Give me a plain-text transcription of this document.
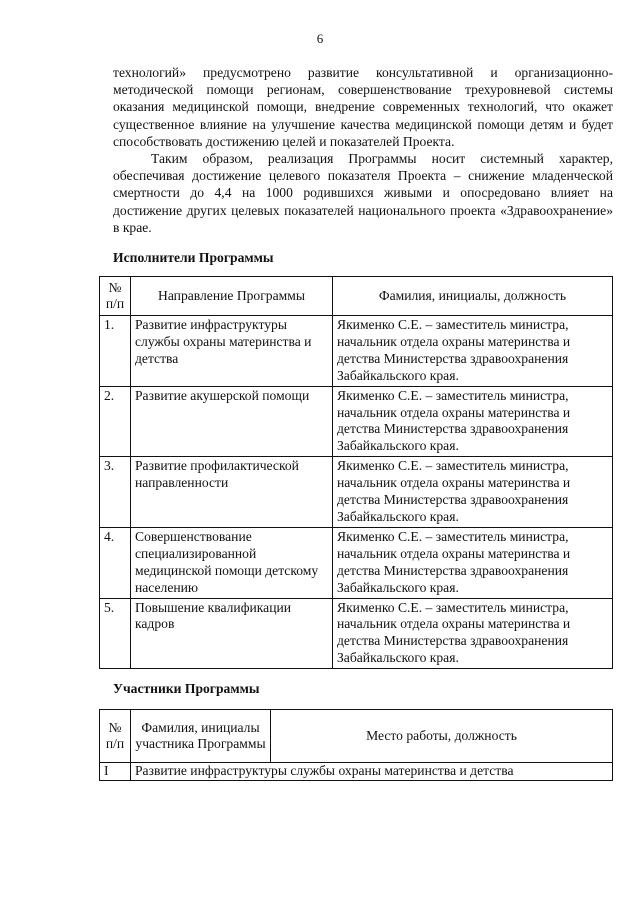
6

технологий» предусмотрено развитие консультативной и организационно-методической помощи регионам, совершенствование трехуровневой системы оказания медицинской помощи, внедрение современных технологий, что окажет существенное влияние на улучшение качества медицинской помощи детям и будет способствовать достижению целей и показателей Проекта.

Таким образом, реализация Программы носит системный характер, обеспечивая достижение целевого показателя Проекта – снижение младенческой смертности до 4,4 на 1000 родившихся живыми и опосредовано влияет на достижение других целевых показателей национального проекта «Здравоохранение» в крае.

Исполнители Программы

№ п/п	Направление Программы	Фамилия, инициалы, должность
1.	Развитие инфраструктуры службы охраны материнства и детства	Якименко С.Е. – заместитель министра, начальник отдела охраны материнства и детства Министерства здравоохранения Забайкальского края.
2.	Развитие акушерской помощи	Якименко С.Е. – заместитель министра, начальник отдела охраны материнства и детства Министерства здравоохранения Забайкальского края.
3.	Развитие профилактической направленности	Якименко С.Е. – заместитель министра, начальник отдела охраны материнства и детства Министерства здравоохранения Забайкальского края.
4.	Совершенствование специализированной медицинской помощи детскому населению	Якименко С.Е. – заместитель министра, начальник отдела охраны материнства и детства Министерства здравоохранения Забайкальского края.
5.	Повышение квалификации кадров	Якименко С.Е. – заместитель министра, начальник отдела охраны материнства и детства Министерства здравоохранения Забайкальского края.

Участники Программы

№ п/п	Фамилия, инициалы участника Программы	Место работы, должность
I	Развитие инфраструктуры службы охраны материнства и детства	
